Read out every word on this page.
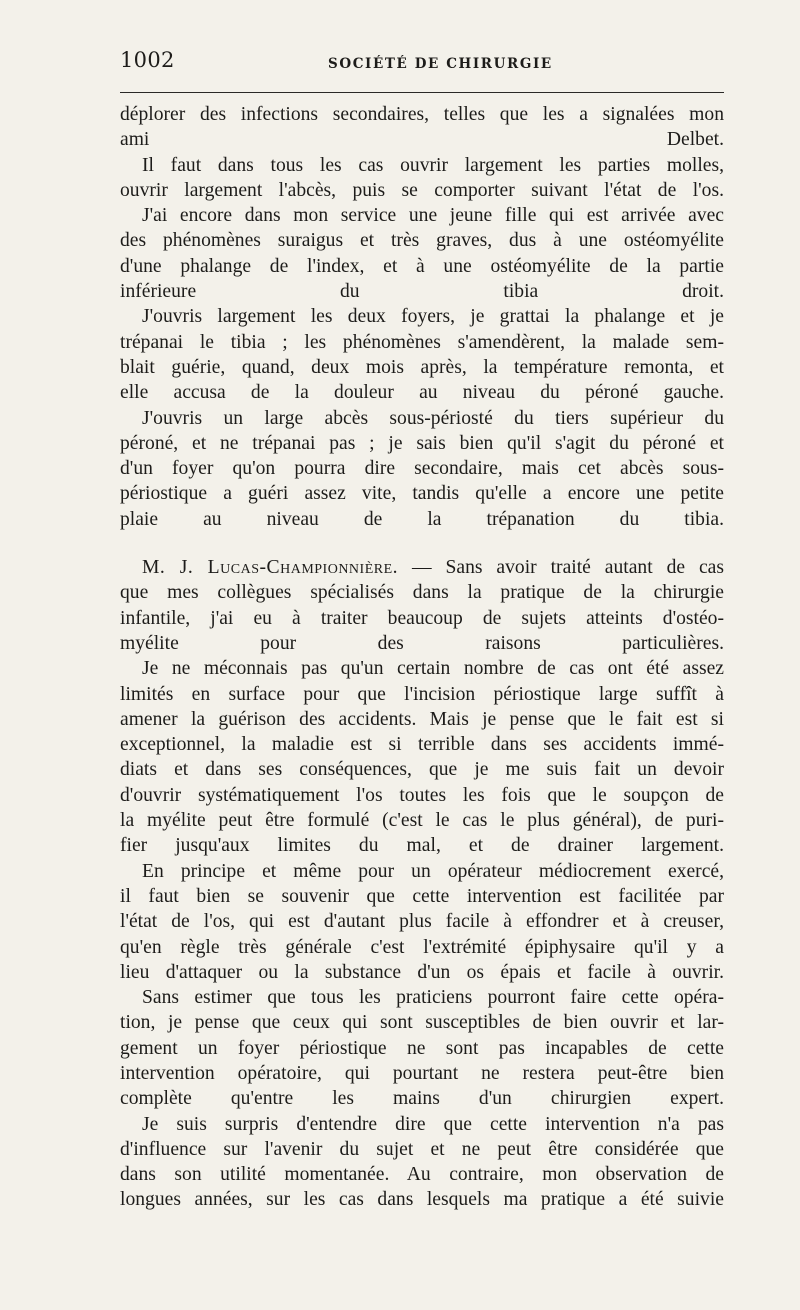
1002	SOCIÉTÉ DE CHIRURGIE
déplorer des infections secondaires, telles que les a signalées mon
ami Delbet.
Il faut dans tous les cas ouvrir largement les parties molles,
ouvrir largement l'abcès, puis se comporter suivant l'état de l'os.
J'ai encore dans mon service une jeune fille qui est arrivée avec
des phénomènes suraigus et très graves, dus à une ostéomyélite
d'une phalange de l'index, et à une ostéomyélite de la partie
inférieure du tibia droit.
J'ouvris largement les deux foyers, je grattai la phalange et je
trépanai le tibia ; les phénomènes s'amendèrent, la malade sem-
blait guérie, quand, deux mois après, la température remonta, et
elle accusa de la douleur au niveau du péroné gauche.
J'ouvris un large abcès sous-périosté du tiers supérieur du
péroné, et ne trépanai pas ; je sais bien qu'il s'agit du péroné et
d'un foyer qu'on pourra dire secondaire, mais cet abcès sous-
périostique a guéri assez vite, tandis qu'elle a encore une petite
plaie au niveau de la trépanation du tibia.
M. J. Lucas-Championnière. — Sans avoir traité autant de cas
que mes collègues spécialisés dans la pratique de la chirurgie
infantile, j'ai eu à traiter beaucoup de sujets atteints d'ostéo-
myélite pour des raisons particulières.
Je ne méconnais pas qu'un certain nombre de cas ont été assez
limités en surface pour que l'incision périostique large suffît à
amener la guérison des accidents. Mais je pense que le fait est si
exceptionnel, la maladie est si terrible dans ses accidents immé-
diats et dans ses conséquences, que je me suis fait un devoir
d'ouvrir systématiquement l'os toutes les fois que le soupçon de
la myélite peut être formulé (c'est le cas le plus général), de puri-
fier jusqu'aux limites du mal, et de drainer largement.
En principe et même pour un opérateur médiocrement exercé,
il faut bien se souvenir que cette intervention est facilitée par
l'état de l'os, qui est d'autant plus facile à effondrer et à creuser,
qu'en règle très générale c'est l'extrémité épiphysaire qu'il y a
lieu d'attaquer ou la substance d'un os épais et facile à ouvrir.
Sans estimer que tous les praticiens pourront faire cette opéra-
tion, je pense que ceux qui sont susceptibles de bien ouvrir et lar-
gement un foyer périostique ne sont pas incapables de cette
intervention opératoire, qui pourtant ne restera peut-être bien
complète qu'entre les mains d'un chirurgien expert.
Je suis surpris d'entendre dire que cette intervention n'a pas
d'influence sur l'avenir du sujet et ne peut être considérée que
dans son utilité momentanée. Au contraire, mon observation de
longues années, sur les cas dans lesquels ma pratique a été suivie
